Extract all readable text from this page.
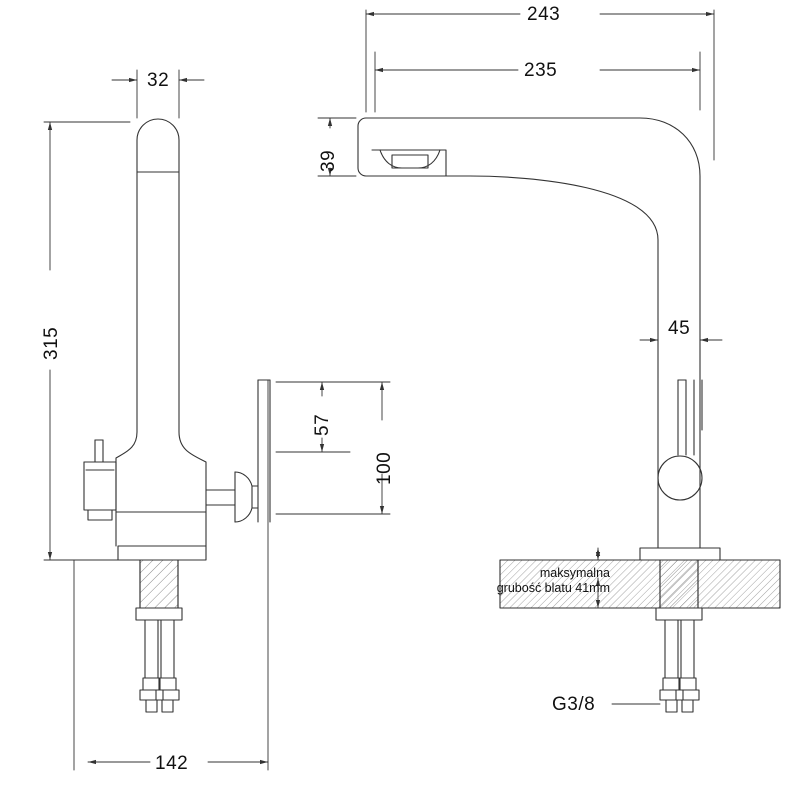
243
235
39
45
315
32
142
57
100
G3/8
maksymalna
grubość blatu 41mm
